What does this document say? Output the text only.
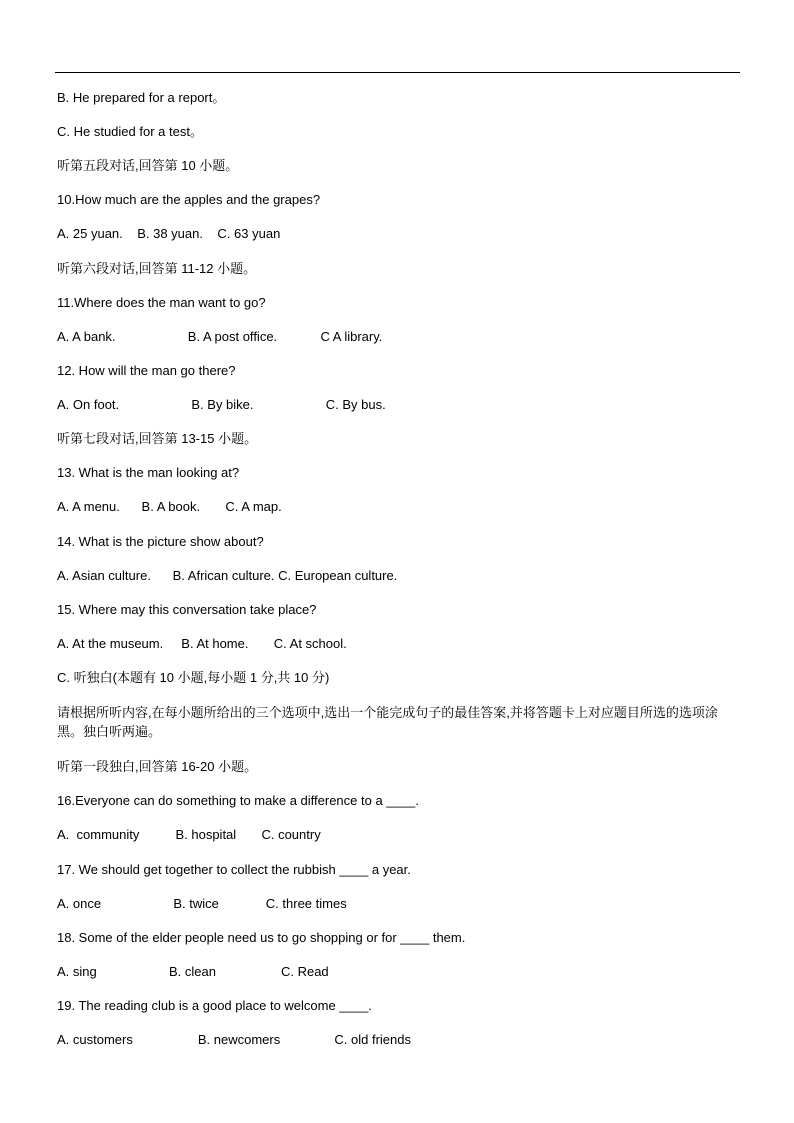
B. He prepared for a report。
C. He studied for a test。
听第五段对话,回答第 10 小题。
10.How much are the apples and the grapes?
A. 25 yuan.    B. 38 yuan.    C. 63 yuan
听第六段对话,回答第 11-12 小题。
11.Where does the man want to go?
A. A bank.                    B. A post office.            C A library.
12. How will the man go there?
A. On foot.                    B. By bike.                    C. By bus.
听第七段对话,回答第 13-15 小题。
13. What is the man looking at?
A. A menu.      B. A book.       C. A map.
14. What is the picture show about?
A. Asian culture.      B. African culture. C. European culture.
15. Where may this conversation take place?
A. At the museum.     B. At home.       C. At school.
C. 听独白(本题有 10 小题,每小题 1 分,共 10 分)
请根据所听内容,在每小题所给出的三个选项中,选出一个能完成句子的最佳答案,并将答题卡上对应题目所选的选项涂黑。独白听两遍。
听第一段独白,回答第 16-20 小题。
16.Everyone can do something to make a difference to a ____.
A.  community          B. hospital       C. country
17. We should get together to collect the rubbish ____ a year.
A. once                    B. twice             C. three times
18. Some of the elder people need us to go shopping or for ____ them.
A. sing                    B. clean                  C. Read
19. The reading club is a good place to welcome ____.
A. customers                  B. newcomers               C. old friends
